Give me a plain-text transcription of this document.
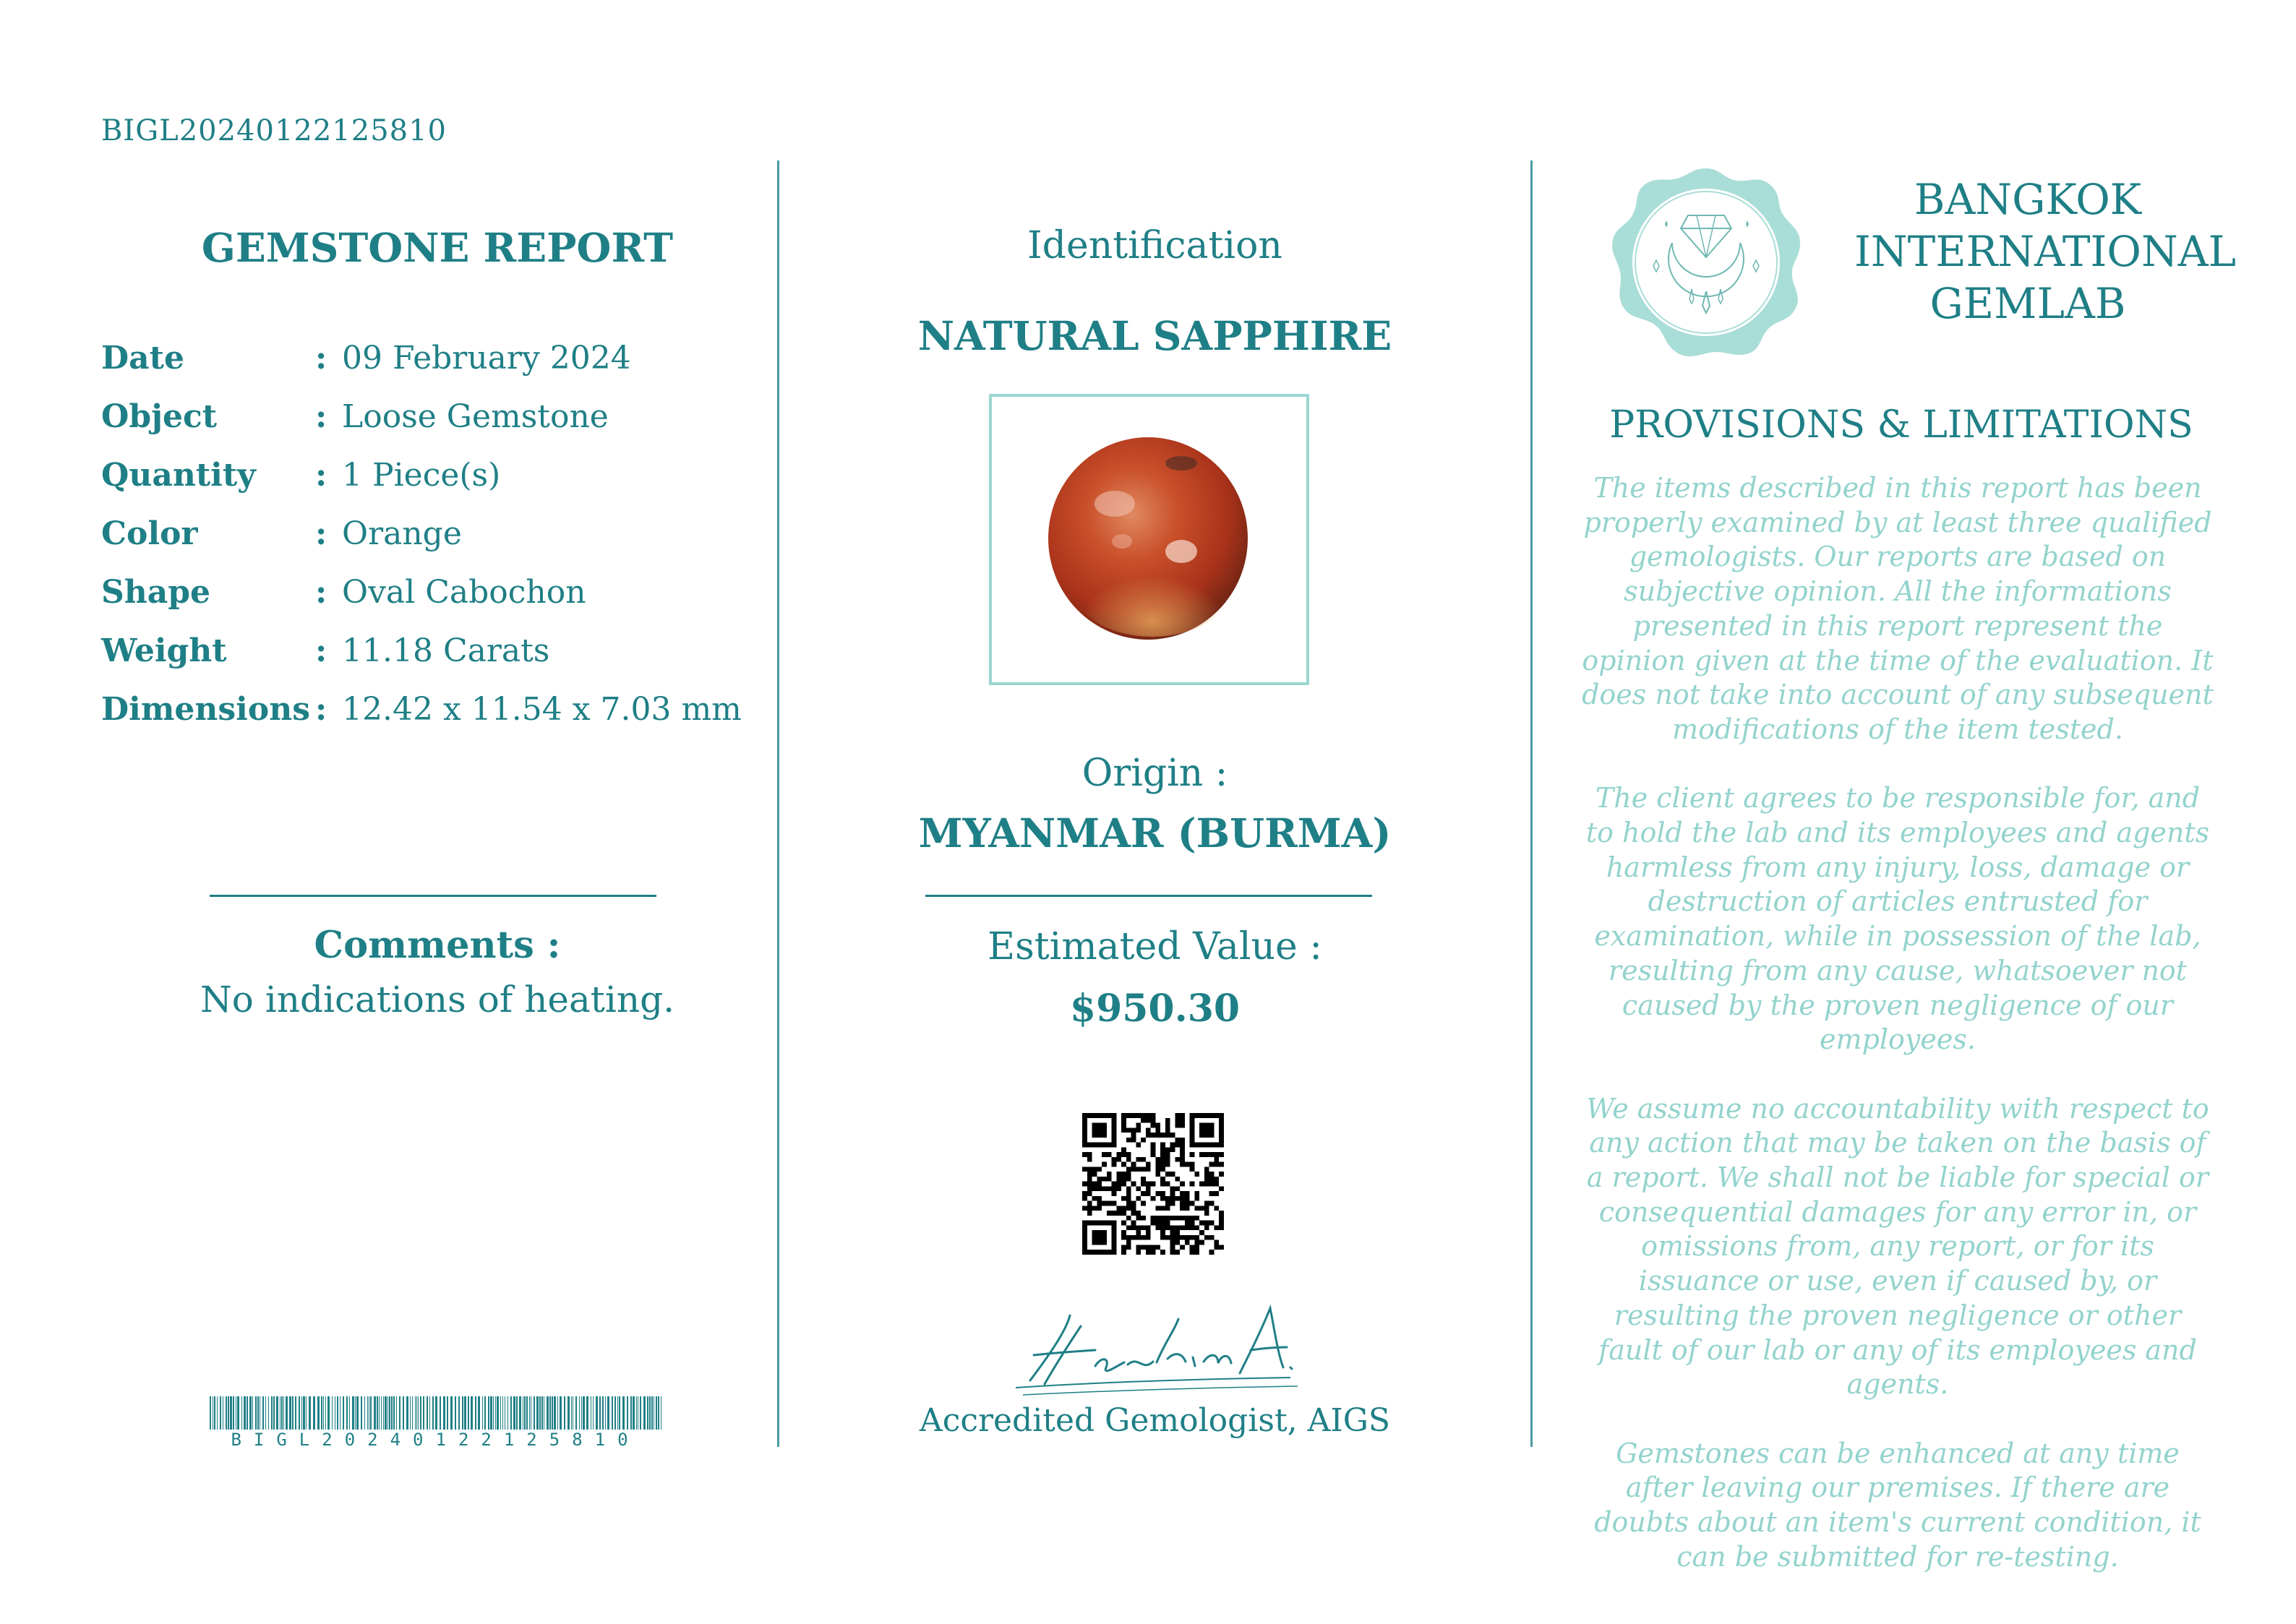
BIGL20240122125810
GEMSTONE REPORT
Date	: 09 February 2024
Object	: Loose Gemstone
Quantity : 1 Piece(s)
Color	: Orange
Shape	: Oval Cabochon
Weight	: 11.18 Carats
Dimensions : 12.42 x 11.54 x 7.03 mm
Comments :
No indications of heating.
BIGL20240122125810
Identification
NATURAL SAPPHIRE
Origin :
MYANMAR (BURMA)
Estimated Value :
$950.30
Hashim A.
Accredited Gemologist, AIGS
BANGKOK
INTERNATIONAL
GEMLAB
PROVISIONS & LIMITATIONS

The items described in this report has been properly examined by at least three qualified gemologists. Our reports are based on subjective opinion. All the informations presented in this report represent the opinion given at the time of the evaluation. It does not take into account of any subsequent modifications of the item tested.

The client agrees to be responsible for, and to hold the lab and its employees and agents harmless from any injury, loss, damage or destruction of articles entrusted for examination, while in possession of the lab, resulting from any cause, whatsoever not caused by the proven negligence of our employees.

We assume no accountability with respect to any action that may be taken on the basis of a report. We shall not be liable for special or consequential damages for any error in, or omissions from, any report, or for its issuance or use, even if caused by, or resulting the proven negligence or other fault of our lab or any of its employees and agents.

Gemstones can be enhanced at any time after leaving our premises. If there are doubts about an item's current condition, it can be submitted for re-testing.
